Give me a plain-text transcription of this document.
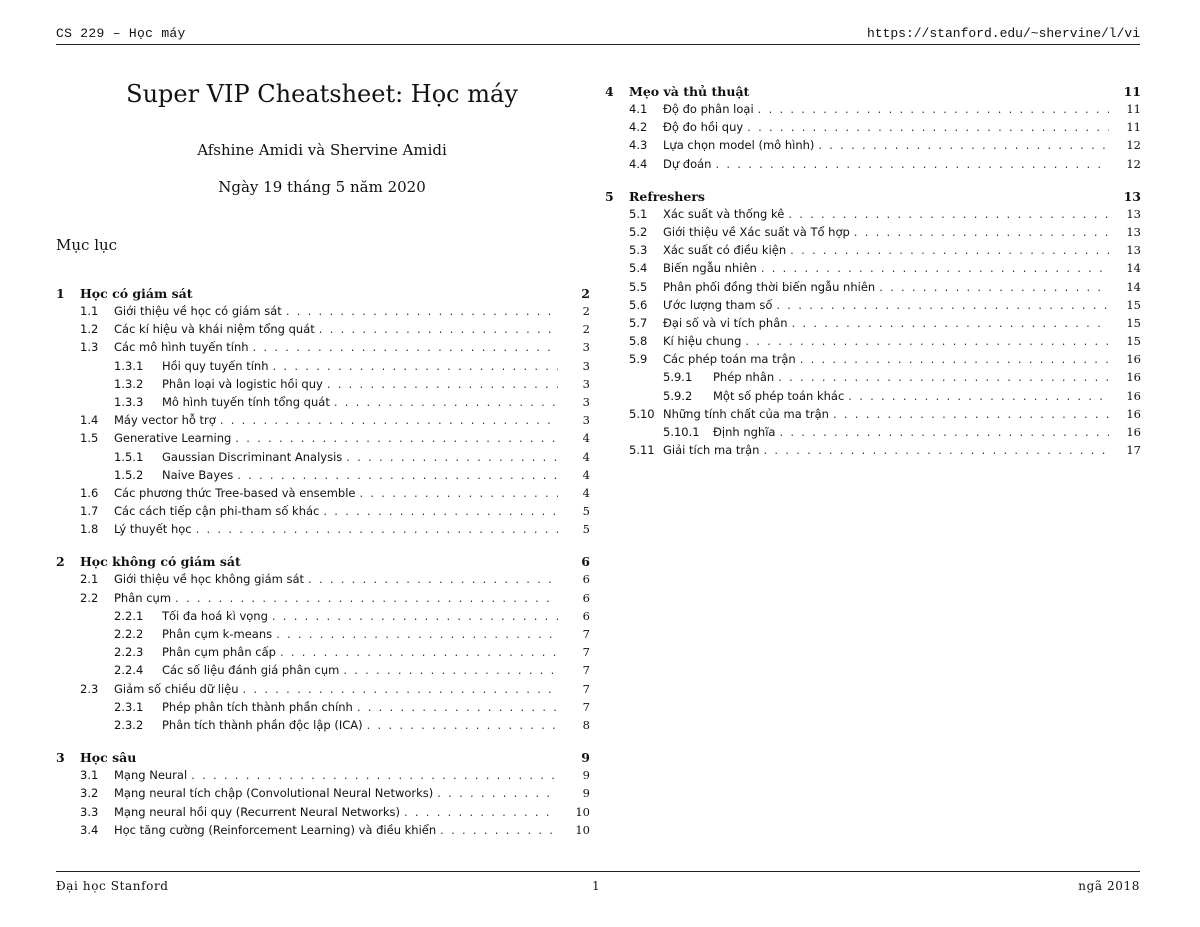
CS 229 – Học máy	https://stanford.edu/~shervine/l/vi
Super VIP Cheatsheet: Học máy
Afshine Amidi và Shervine Amidi
Ngày 19 tháng 5 năm 2020
Mục lục
1 Học có giám sát	2
1.1 Giới thiệu về học có giám sát . . .	2
1.2 Các kí hiệu và khái niệm tổng quát . . .	2
1.3 Các mô hình tuyến tính . . .	3
1.3.1 Hồi quy tuyến tính . . .	3
1.3.2 Phân loại và logistic hồi quy . . .	3
1.3.3 Mô hình tuyến tính tổng quát . . .	3
1.4 Máy vector hỗ trợ . . .	3
1.5 Generative Learning . . .	4
1.5.1 Gaussian Discriminant Analysis . . .	4
1.5.2 Naive Bayes . . .	4
1.6 Các phương thức Tree-based và ensemble . . .	4
1.7 Các cách tiếp cận phi-tham số khác . . .	5
1.8 Lý thuyết học . . .	5
2 Học không có giám sát	6
2.1 Giới thiệu về học không giám sát . . .	6
2.2 Phân cụm . . .	6
2.2.1 Tối đa hoá kì vọng . . .	6
2.2.2 Phân cụm k-means . . .	7
2.2.3 Phân cụm phân cấp . . .	7
2.2.4 Các số liệu đánh giá phân cụm . . .	7
2.3 Giảm số chiều dữ liệu . . .	7
2.3.1 Phép phân tích thành phần chính . . .	7
2.3.2 Phân tích thành phần độc lập (ICA) . . .	8
3 Học sâu	9
3.1 Mạng Neural . . .	9
3.2 Mạng neural tích chập (Convolutional Neural Networks) . . .	9
3.3 Mạng neural hồi quy (Recurrent Neural Networks) . . .	10
3.4 Học tăng cường (Reinforcement Learning) và điều khiển . . .	10
4 Mẹo và thủ thuật	11
4.1 Độ đo phân loại . . .	11
4.2 Độ đo hồi quy . . .	11
4.3 Lựa chọn model (mô hình) . . .	12
4.4 Dự đoán . . .	12
5 Refreshers	13
5.1 Xác suất và thống kê . . .	13
5.2 Giới thiệu về Xác suất và Tổ hợp . . .	13
5.3 Xác suất có điều kiện . . .	13
5.4 Biến ngẫu nhiên . . .	14
5.5 Phân phối đồng thời biến ngẫu nhiên . . .	14
5.6 Ước lượng tham số . . .	15
5.7 Đại số và vi tích phân . . .	15
5.8 Kí hiệu chung . . .	15
5.9 Các phép toán ma trận . . .	16
5.9.1 Phép nhân . . .	16
5.9.2 Một số phép toán khác . . .	16
5.10 Những tính chất của ma trận . . .	16
5.10.1 Định nghĩa . . .	16
5.11 Giải tích ma trận . . .	17
Đại học Stanford	1	ngã 2018
